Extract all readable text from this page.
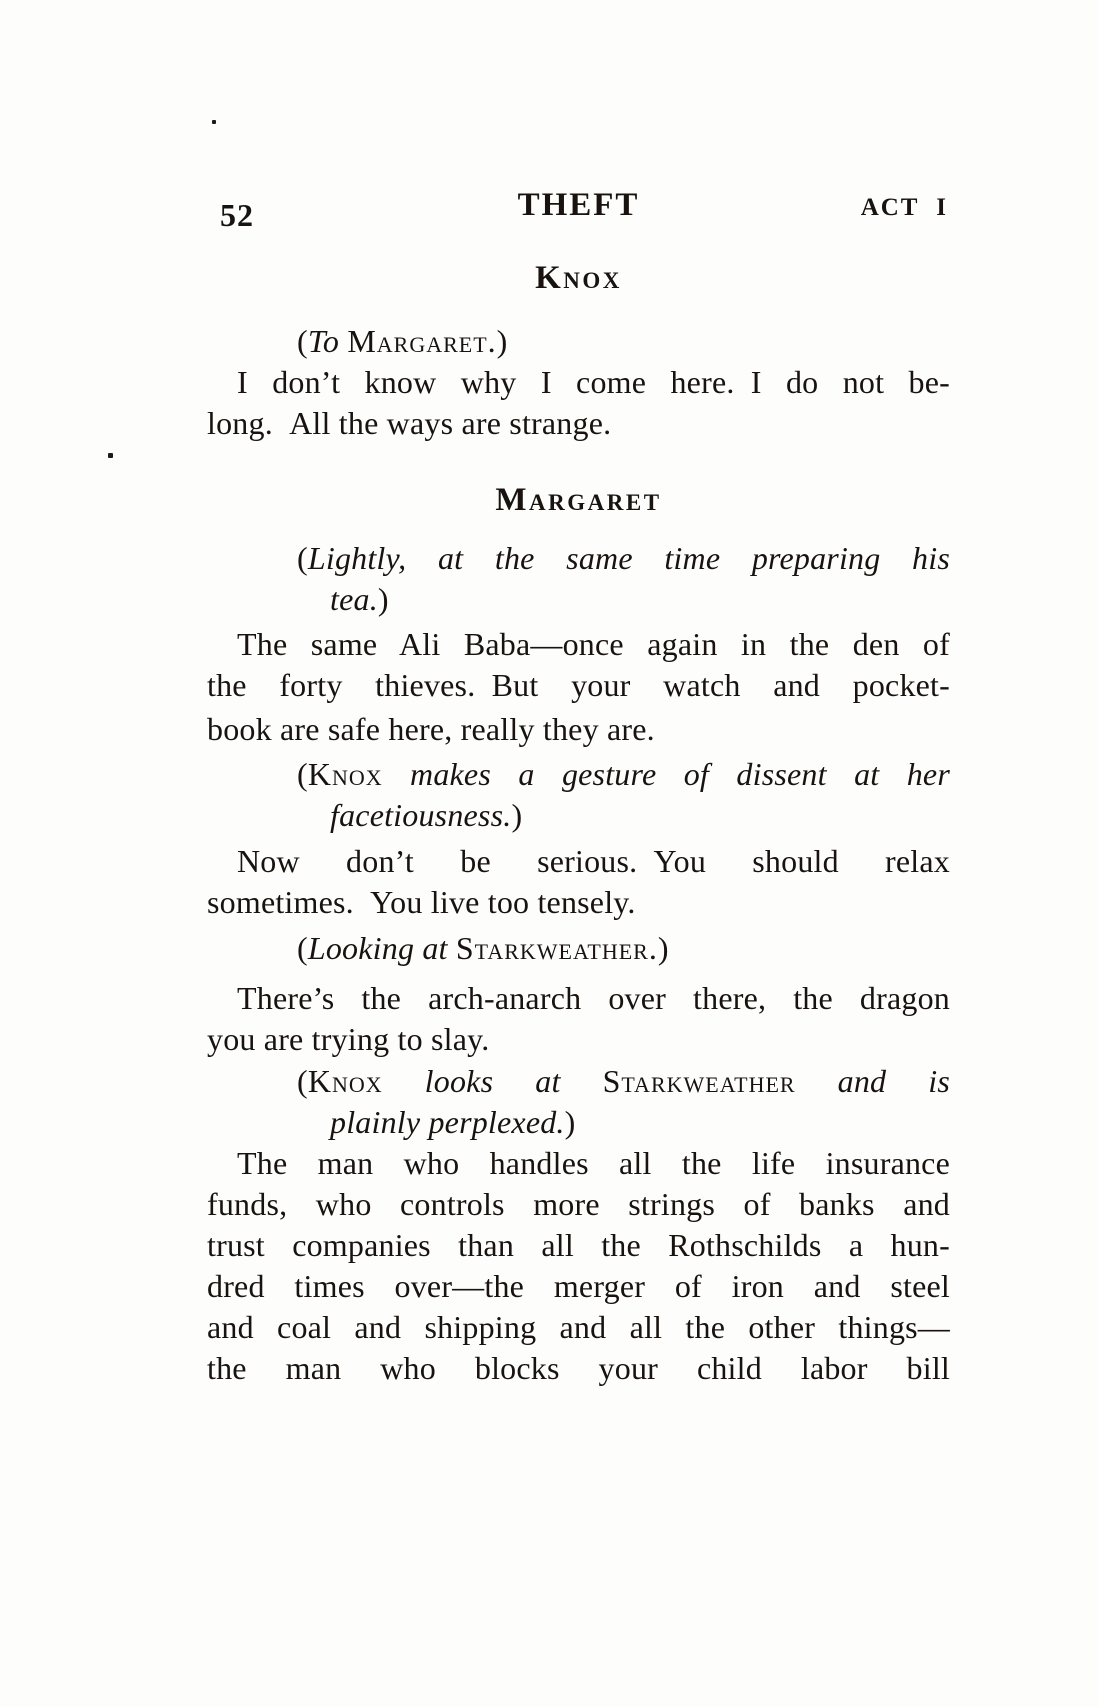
52	THEFT	ACT I
Knox

(To Margaret.)

I don’t know why I come here. I do not be-
long. All the ways are strange.

Margaret

(Lightly, at the same time preparing his
tea.)

The same Ali Baba—once again in the den of
the forty thieves. But your watch and pocket-
book are safe here, really they are.

(Knox makes a gesture of dissent at her
facetiousness.)

Now don’t be serious. You should relax
sometimes. You live too tensely.

(Looking at Starkweather.)

There’s the arch-anarch over there, the dragon
you are trying to slay.

(Knox looks at Starkweather and is
plainly perplexed.)

The man who handles all the life insurance
funds, who controls more strings of banks and
trust companies than all the Rothschilds a hun-
dred times over—the merger of iron and steel
and coal and shipping and all the other things—
the man who blocks your child labor bill
